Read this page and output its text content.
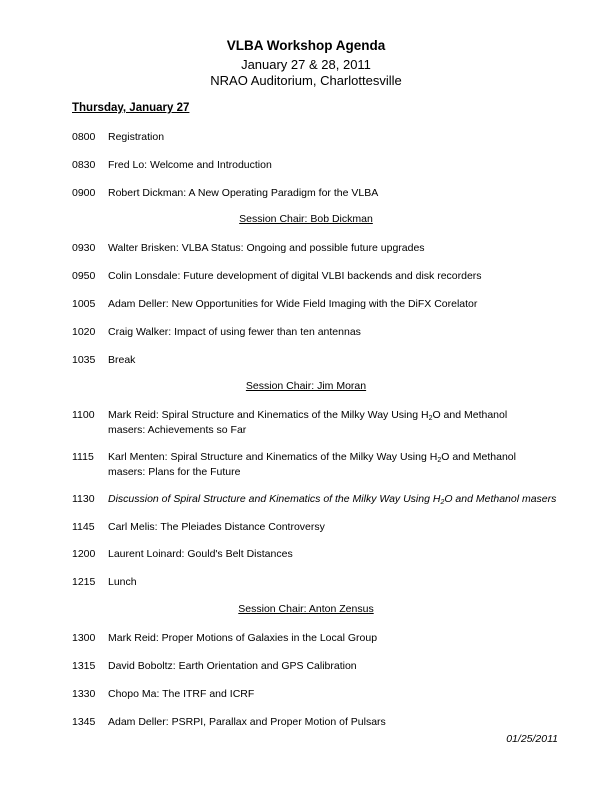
VLBA Workshop Agenda
January 27 & 28, 2011
NRAO Auditorium, Charlottesville
Thursday, January 27
0800	Registration
0830	Fred Lo: Welcome and Introduction
0900	Robert Dickman: A New Operating Paradigm for the VLBA
Session Chair: Bob Dickman
0930	Walter Brisken: VLBA Status: Ongoing and possible future upgrades
0950	Colin Lonsdale: Future development of digital VLBI backends and disk recorders
1005	Adam Deller: New Opportunities for Wide Field Imaging with the DiFX Corelator
1020	Craig Walker: Impact of using fewer than ten antennas
1035	Break
Session Chair: Jim Moran
1100	Mark Reid: Spiral Structure and Kinematics of the Milky Way Using $H_2O$ and Methanol
masers: Achievements so Far
1115	Karl Menten: Spiral Structure and Kinematics of the Milky Way Using $H_2O$ and Methanol
masers: Plans for the Future
1130	Discussion of Spiral Structure and Kinematics of the Milky Way Using $H_2O$ and Methanol masers
1145	Carl Melis: The Pleiades Distance Controversy
1200	Laurent Loinard: Gould's Belt Distances
1215	Lunch
Session Chair: Anton Zensus
1300	Mark Reid: Proper Motions of Galaxies in the Local Group
1315	David Boboltz: Earth Orientation and GPS Calibration
1330	Chopo Ma: The ITRF and ICRF
1345	Adam Deller: PSRPI, Parallax and Proper Motion of Pulsars
01/25/2011
